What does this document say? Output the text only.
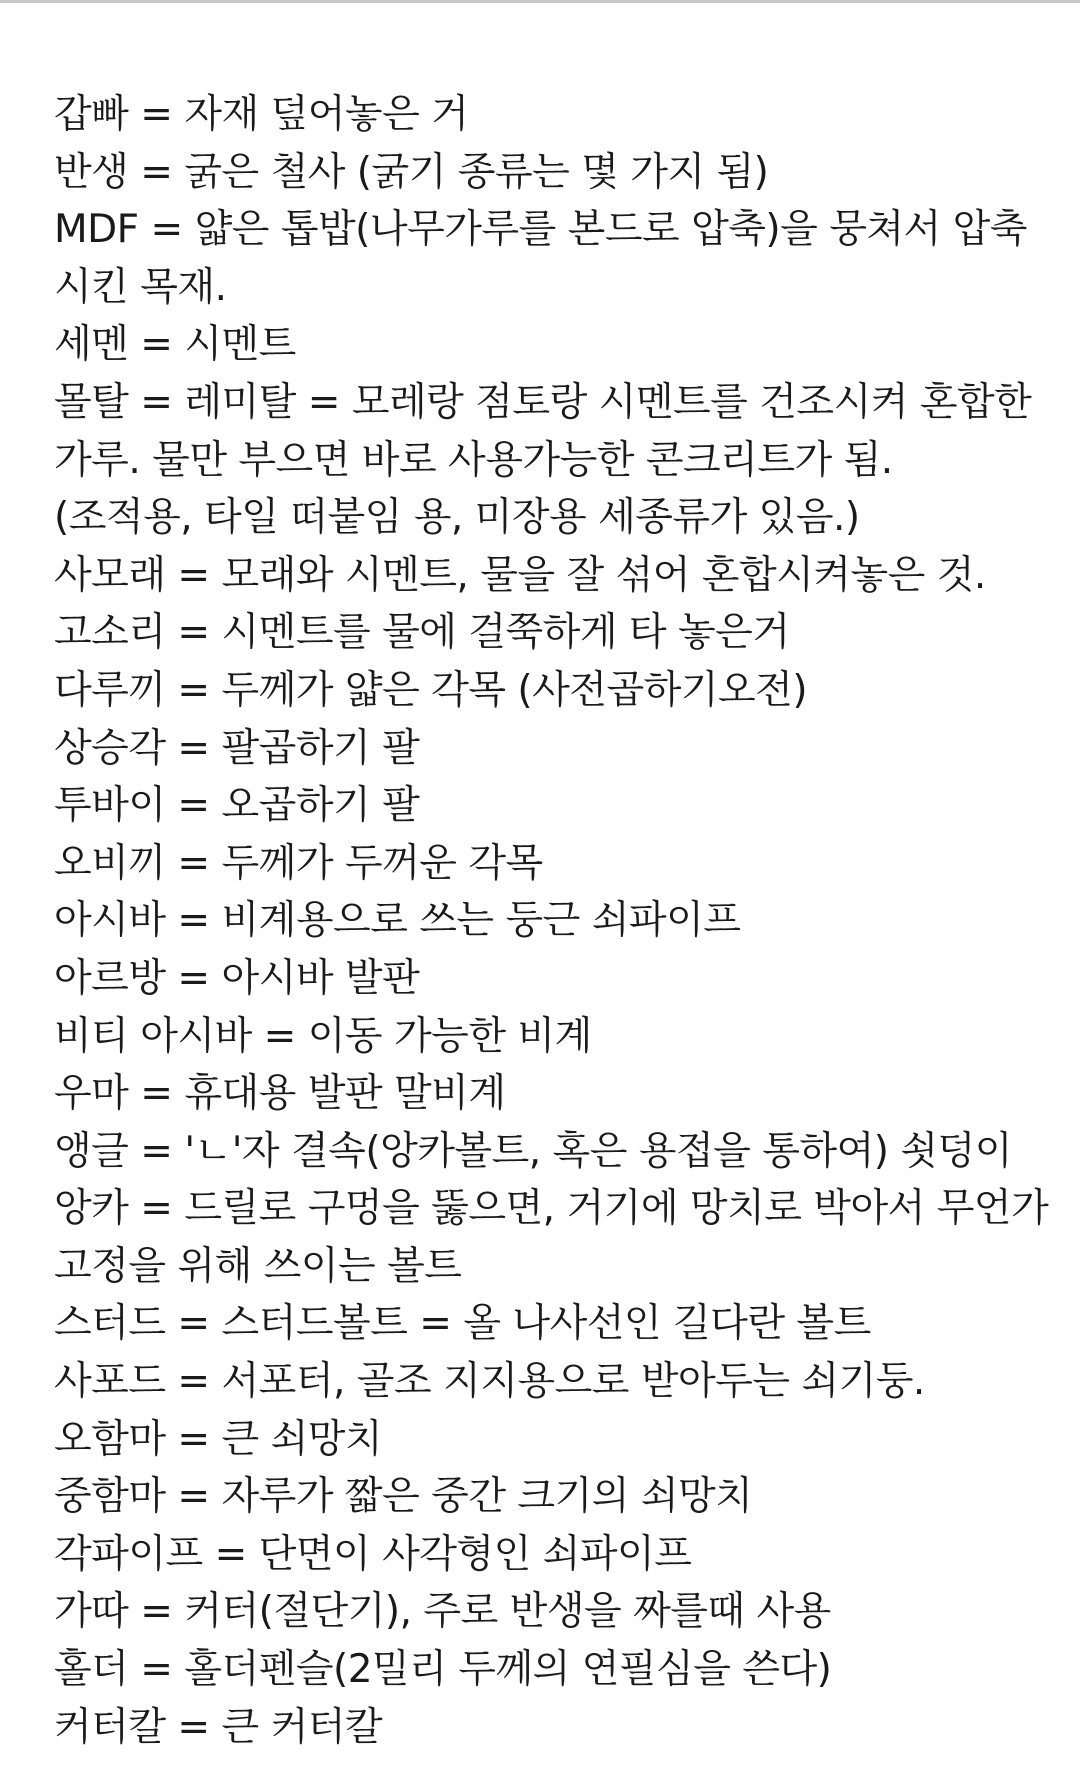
갑빠 = 자재 덮어놓은 거
반생 = 굵은 철사 (굵기 종류는 몇 가지 됨)
MDF = 얇은 톱밥(나무가루를 본드로 압축)을 뭉쳐서 압축
시킨 목재.
세멘 = 시멘트
몰탈 = 레미탈 = 모레랑 점토랑 시멘트를 건조시켜 혼합한
가루. 물만 부으면 바로 사용가능한 콘크리트가 됨.
(조적용, 타일 떠붙임 용, 미장용 세종류가 있음.)
사모래 = 모래와 시멘트, 물을 잘 섞어 혼합시켜놓은 것.
고소리 = 시멘트를 물에 걸쭉하게 타 놓은거
다루끼 = 두께가 얇은 각목 (사전곱하기오전)
상승각 = 팔곱하기 팔
투바이 = 오곱하기 팔
오비끼 = 두께가 두꺼운 각목
아시바 = 비계용으로 쓰는 둥근 쇠파이프
아르방 = 아시바 발판
비티 아시바 = 이동 가능한 비계
우마 = 휴대용 발판 말비계
앵글 = 'ㄴ'자 결속(앙카볼트, 혹은 용접을 통하여) 쇳덩이
앙카 = 드릴로 구멍을 뚫으면, 거기에 망치로 박아서 무언가
고정을 위해 쓰이는 볼트
스터드 = 스터드볼트 = 올 나사선인 길다란 볼트
사포드 = 서포터, 골조 지지용으로 받아두는 쇠기둥.
오함마 = 큰 쇠망치
중함마 = 자루가 짧은 중간 크기의 쇠망치
각파이프 = 단면이 사각형인 쇠파이프
가따 = 커터(절단기), 주로 반생을 짜를때 사용
홀더 = 홀더펜슬(2밀리 두께의 연필심을 쓴다)
커터칼 = 큰 커터칼
